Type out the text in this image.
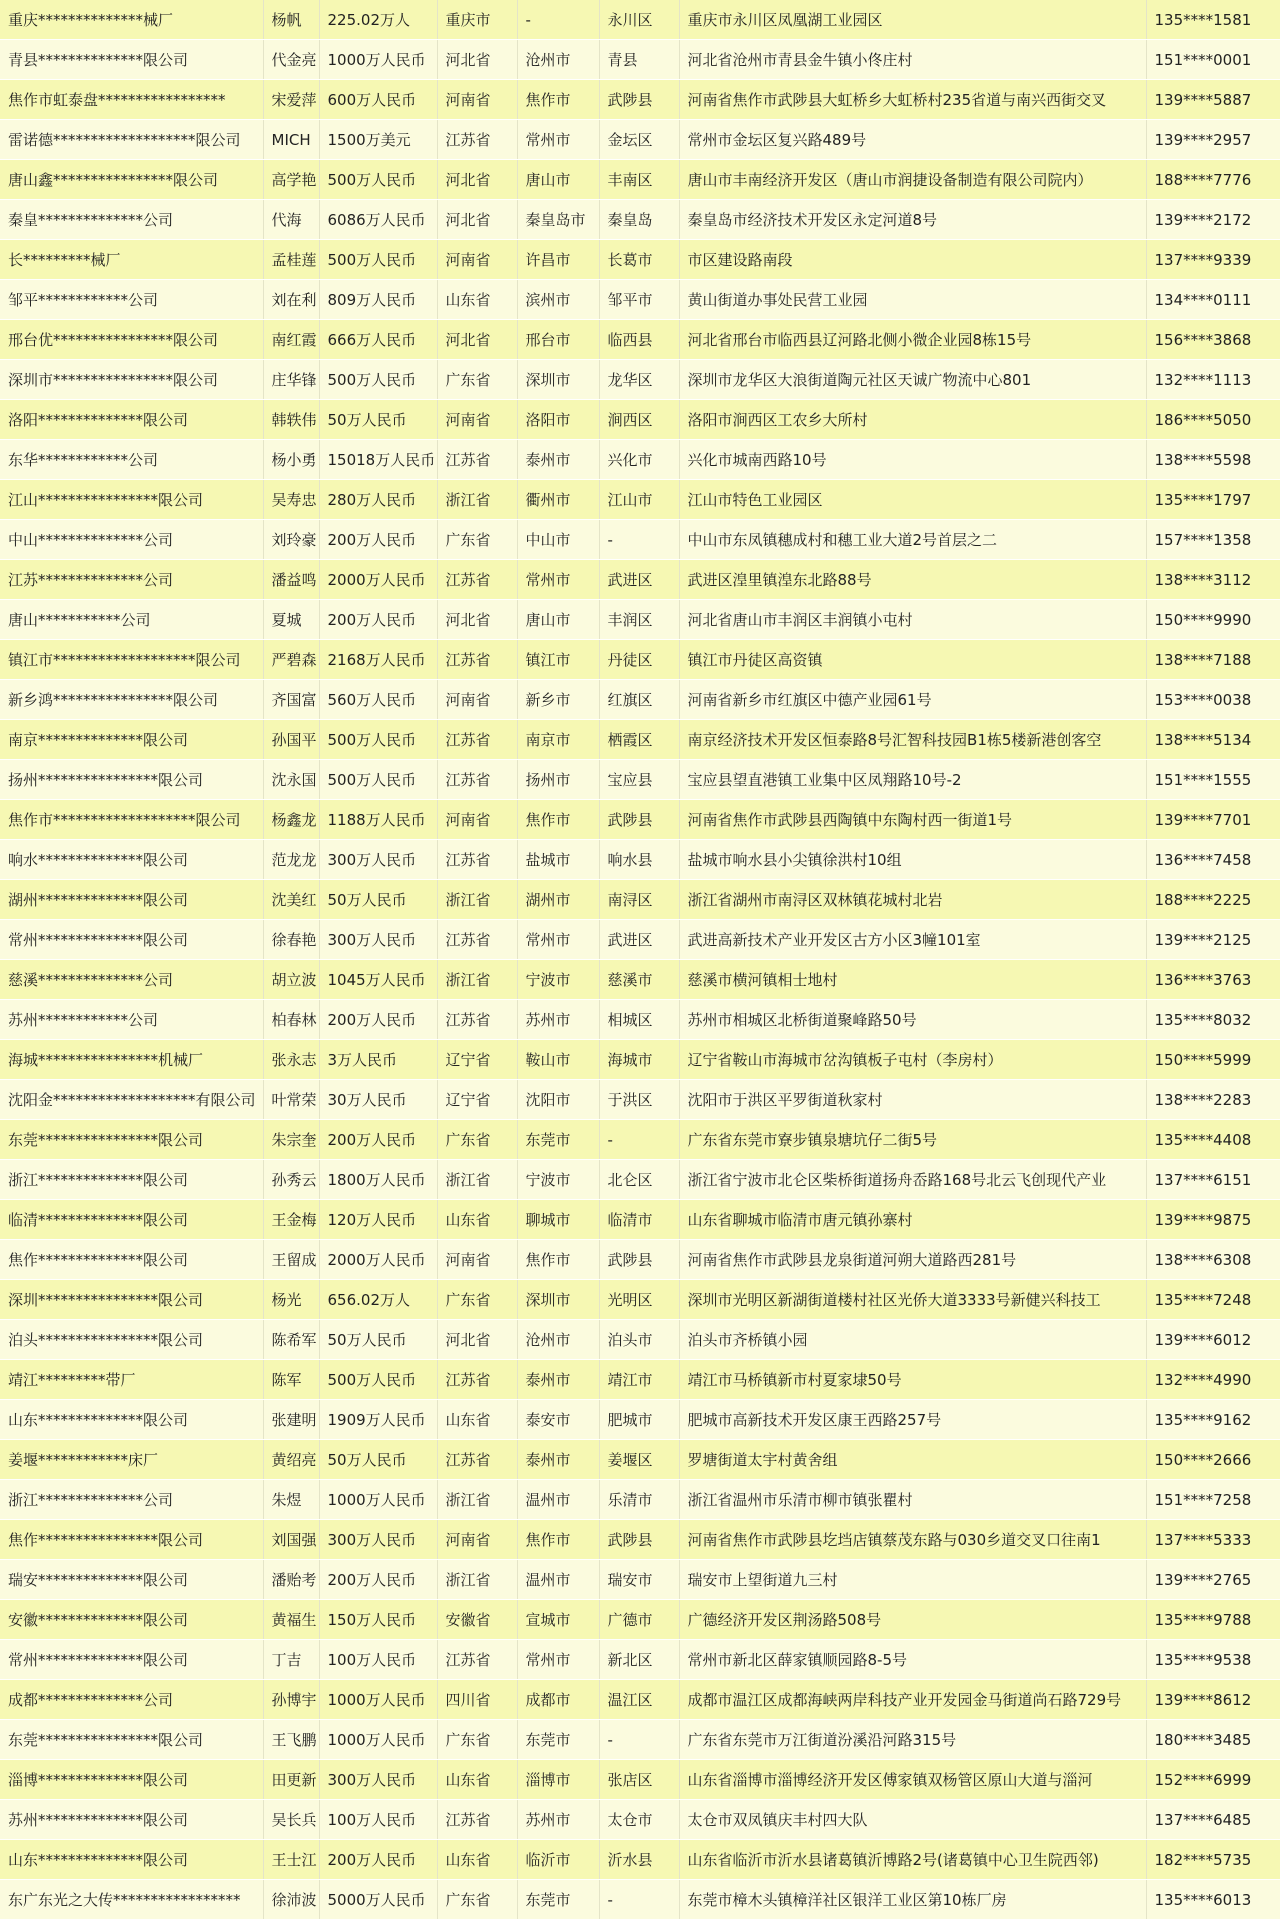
重庆**************械厂	杨帆	225.02万人	重庆市	-	永川区	重庆市永川区凤凰湖工业园区	135****1581
青县**************限公司	代金亮	1000万人民币	河北省	沧州市	青县	河北省沧州市青县金牛镇小佟庄村	151****0001
焦作市虹泰盘*****************	宋爱萍	600万人民币	河南省	焦作市	武陟县	河南省焦作市武陟县大虹桥乡大虹桥村235省道与南兴西街交叉	139****5887
雷诺德*******************限公司	MICH	1500万美元	江苏省	常州市	金坛区	常州市金坛区复兴路489号	139****2957
唐山鑫****************限公司	高学艳	500万人民币	河北省	唐山市	丰南区	唐山市丰南经济开发区（唐山市润捷设备制造有限公司院内）	188****7776
秦皇**************公司	代海	6086万人民币	河北省	秦皇岛市	秦皇岛	秦皇岛市经济技术开发区永定河道8号	139****2172
长*********械厂	孟桂莲	500万人民币	河南省	许昌市	长葛市	市区建设路南段	137****9339
邹平************公司	刘在利	809万人民币	山东省	滨州市	邹平市	黄山街道办事处民营工业园	134****0111
邢台优****************限公司	南红霞	666万人民币	河北省	邢台市	临西县	河北省邢台市临西县辽河路北侧小微企业园8栋15号	156****3868
深圳市****************限公司	庄华锋	500万人民币	广东省	深圳市	龙华区	深圳市龙华区大浪街道陶元社区天诚广物流中心801	132****1113
洛阳**************限公司	韩轶伟	50万人民币	河南省	洛阳市	涧西区	洛阳市涧西区工农乡大所村	186****5050
东华************公司	杨小勇	15018万人民币	江苏省	泰州市	兴化市	兴化市城南西路10号	138****5598
江山****************限公司	吴寿忠	280万人民币	浙江省	衢州市	江山市	江山市特色工业园区	135****1797
中山**************公司	刘玲豪	200万人民币	广东省	中山市	-	中山市东凤镇穗成村和穗工业大道2号首层之二	157****1358
江苏**************公司	潘益鸣	2000万人民币	江苏省	常州市	武进区	武进区湟里镇湟东北路88号	138****3112
唐山***********公司	夏城	200万人民币	河北省	唐山市	丰润区	河北省唐山市丰润区丰润镇小屯村	150****9990
镇江市*******************限公司	严碧森	2168万人民币	江苏省	镇江市	丹徒区	镇江市丹徒区高资镇	138****7188
新乡鸿****************限公司	齐国富	560万人民币	河南省	新乡市	红旗区	河南省新乡市红旗区中德产业园61号	153****0038
南京**************限公司	孙国平	500万人民币	江苏省	南京市	栖霞区	南京经济技术开发区恒泰路8号汇智科技园B1栋5楼新港创客空	138****5134
扬州****************限公司	沈永国	500万人民币	江苏省	扬州市	宝应县	宝应县望直港镇工业集中区凤翔路10号-2	151****1555
焦作市*******************限公司	杨鑫龙	1188万人民币	河南省	焦作市	武陟县	河南省焦作市武陟县西陶镇中东陶村西一街道1号	139****7701
响水**************限公司	范龙龙	300万人民币	江苏省	盐城市	响水县	盐城市响水县小尖镇徐洪村10组	136****7458
湖州**************限公司	沈美红	50万人民币	浙江省	湖州市	南浔区	浙江省湖州市南浔区双林镇花城村北岩	188****2225
常州**************限公司	徐春艳	300万人民币	江苏省	常州市	武进区	武进高新技术产业开发区古方小区3幢101室	139****2125
慈溪**************公司	胡立波	1045万人民币	浙江省	宁波市	慈溪市	慈溪市横河镇相士地村	136****3763
苏州************公司	柏春林	200万人民币	江苏省	苏州市	相城区	苏州市相城区北桥街道聚峰路50号	135****8032
海城****************机械厂	张永志	3万人民币	辽宁省	鞍山市	海城市	辽宁省鞍山市海城市岔沟镇板子屯村（李房村）	150****5999
沈阳金*******************有限公司	叶常荣	30万人民币	辽宁省	沈阳市	于洪区	沈阳市于洪区平罗街道秋家村	138****2283
东莞****************限公司	朱宗奎	200万人民币	广东省	东莞市	-	广东省东莞市寮步镇泉塘坑仔二街5号	135****4408
浙江**************限公司	孙秀云	1800万人民币	浙江省	宁波市	北仑区	浙江省宁波市北仑区柴桥街道扬舟岙路168号北云飞创现代产业	137****6151
临清**************限公司	王金梅	120万人民币	山东省	聊城市	临清市	山东省聊城市临清市唐元镇孙寨村	139****9875
焦作**************限公司	王留成	2000万人民币	河南省	焦作市	武陟县	河南省焦作市武陟县龙泉街道河朔大道路西281号	138****6308
深圳****************限公司	杨光	656.02万人	广东省	深圳市	光明区	深圳市光明区新湖街道楼村社区光侨大道3333号新健兴科技工	135****7248
泊头****************限公司	陈希军	50万人民币	河北省	沧州市	泊头市	泊头市齐桥镇小园	139****6012
靖江*********带厂	陈军	500万人民币	江苏省	泰州市	靖江市	靖江市马桥镇新市村夏家埭50号	132****4990
山东**************限公司	张建明	1909万人民币	山东省	泰安市	肥城市	肥城市高新技术开发区康王西路257号	135****9162
姜堰************床厂	黄绍亮	50万人民币	江苏省	泰州市	姜堰区	罗塘街道太宇村黄舍组	150****2666
浙江**************公司	朱煜	1000万人民币	浙江省	温州市	乐清市	浙江省温州市乐清市柳市镇张瞿村	151****7258
焦作****************限公司	刘国强	300万人民币	河南省	焦作市	武陟县	河南省焦作市武陟县圪垱店镇蔡茂东路与030乡道交叉口往南1	137****5333
瑞安**************限公司	潘贻考	200万人民币	浙江省	温州市	瑞安市	瑞安市上望街道九三村	139****2765
安徽**************限公司	黄福生	150万人民币	安徽省	宣城市	广德市	广德经济开发区荆汤路508号	135****9788
常州**************限公司	丁吉	100万人民币	江苏省	常州市	新北区	常州市新北区薛家镇顺园路8-5号	135****9538
成都**************公司	孙博宇	1000万人民币	四川省	成都市	温江区	成都市温江区成都海峡两岸科技产业开发园金马街道尚石路729号	139****8612
东莞****************限公司	王飞鹏	1000万人民币	广东省	东莞市	-	广东省东莞市万江街道汾溪沿河路315号	180****3485
淄博**************限公司	田更新	300万人民币	山东省	淄博市	张店区	山东省淄博市淄博经济开发区傅家镇双杨管区原山大道与淄河	152****6999
苏州**************限公司	吴长兵	100万人民币	江苏省	苏州市	太仓市	太仓市双凤镇庆丰村四大队	137****6485
山东**************限公司	王士江	200万人民币	山东省	临沂市	沂水县	山东省临沂市沂水县诸葛镇沂博路2号(诸葛镇中心卫生院西邻)	182****5735
东广东光之大传*****************	徐沛波	5000万人民币	广东省	东莞市	-	东莞市樟木头镇樟洋社区银洋工业区第10栋厂房	135****6013
